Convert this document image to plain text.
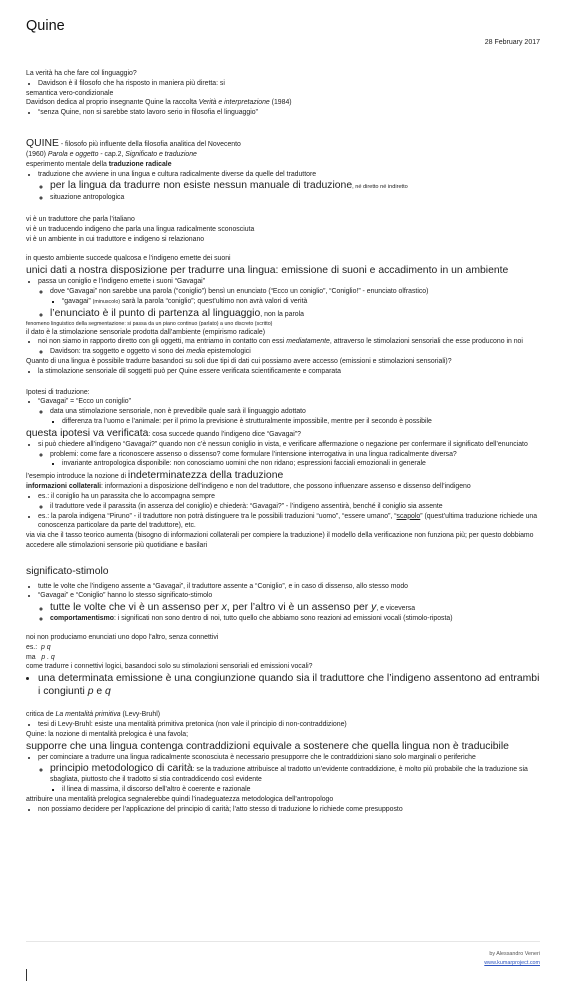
Quine
28 February 2017

La verità ha che fare col linguaggio?

• Davidson è il filosofo che ha risposto in maniera più diretta: si

semantica vero-condizionale

Davidson dedica al proprio insegnante Quine la raccolta Verità e interpretazione (1984)

• “senza Quine, non si sarebbe stato lavoro serio in filosofia el linguaggio”

QUINE - filosofo più influente della filosofia analitica del Novecento

(1960) Parola e oggetto - cap.2, Significato e traduzione

esperimento mentale della traduzione radicale

• traduzione che avviene in una lingua e cultura radicalmente diverse da quelle del traduttore
◦ per la lingua da tradurre non esiste nessun manuale di traduzione, né diretto né indiretto
◦ situazione antropologica

vi è un traduttore che parla l’italiano

vi è un traducendo indigeno che parla una lingua radicalmente sconosciuta

vi è un ambiente in cui traduttore e indigeno si relazionano

in questo ambiente succede qualcosa e l’indigeno emette dei suoni

unici dati a nostra disposizione per tradurre una lingua: emissione di suoni e accadimento in un ambiente

• passa un coniglio e l’indigeno emette i suoni “Gavagai”
◦ dove “Gavagai” non sarebbe una parola (“coniglio”) bensì un enunciato (“Ecco un coniglio”, “Coniglio!” - enunciato olfrastico)
▪ “gavagai” (minuscolo) sarà la parola “coniglio”; quest’ultimo non avrà valori di verità
◦ l’enunciato è il punto di partenza al linguaggio, non la parola

fenomeno linguistico della segmentazione: si passa da un piano continuo (parlato) a uno discreto (scritto)

il dato è la stimolazione sensoriale prodotta dall’ambiente (empirismo radicale)

• noi non siamo in rapporto diretto con gli oggetti, ma entriamo in contatto con essi mediatamente, attraverso le stimolazioni sensoriali che esse producono in noi
◦ Davidson: tra soggetto e oggetto vi sono dei media epistemologici

Quanto di una lingua è possibile tradurre basandoci su soli due tipi di dati cui possiamo avere accesso (emissioni e stimolazioni sensoriali)?

• la stimolazione sensoriale dil soggetti può per Quine essere verificata scientificamente e comparata

Ipotesi di traduzione:

• “Gavagai” = “Ecco un coniglio”
◦ data una stimolazione sensoriale, non è prevedibile quale sarà il linguaggio adottato
▪ differenza tra l’uomo e l’animale: per il primo la previsione è strutturalmente impossibile, mentre per il secondo è possibile

questa ipotesi va verificata: cosa succede quando l’indigeno dice “Gavagai”?

• si può chiedere all’indigeno “Gavagai?” quando non c’è nessun coniglio in vista, e verificare affermazione o negazione per confermare il significato dell’enunciato
◦ problemi: come fare a riconoscere assenso o dissenso? come formulare l’intensione interrogativa in una lingua radicalmente diversa?
▪ invariante antropologica disponibile: non conosciamo uomini che non ridano; espressioni facciali emozionali in generale

l’esempio introduce la nozione di indeterminatezza della traduzione

informazioni collaterali: informazioni a disposizione dell’indigeno e non del traduttore, che possono influenzare assenso e dissenso dell’indigeno

• es.: il coniglio ha un parassita che lo accompagna sempre
◦ il traduttore vede il parassita (in assenza del coniglio) e chiederà: “Gavagai?” - l’indigeno assentirà, benché il coniglio sia assente
• es.: la parola indigena “Piruno” - il traduttore non potrà distinguere tra le possibili traduzioni “uomo”, “essere umano”, “scapolo” (quest’ultima traduzione richiede una conoscenza particolare da parte del traduttore), etc.

via via che il tasso teorico aumenta (bisogno di informazioni collaterali per compiere la traduzione) il modello della verificazione non funziona più; per questo dobbiamo accedere alle stimolazioni sensorie più quotidiane e basilari

significato-stimolo

• tutte le volte che l’indigeno assente a “Gavagai”, il traduttore assente a “Coniglio”, e in caso di dissenso, allo stesso modo
• “Gavagai” e “Coniglio” hanno lo stesso significato-stimolo
◦ tutte le volte che vi è un assenso per x, per l’altro vi è un assenso per y, e viceversa
◦ comportamentismo: i significati non sono dentro di noi, tutto quello che abbiamo sono reazioni ad emissioni vocali (stimolo-riposta)

noi non produciamo enunciati uno dopo l’altro, senza connettivi

es.: p q

ma p . q

come tradurre i connettivi logici, basandoci solo su stimolazioni sensoriali ed emissioni vocali?

• una determinata emissione è una congiunzione quando sia il traduttore che l’indigeno assentono ad entrambi i congiunti p e q

critica de La mentalità primitiva (Levy-Bruhl)

• tesi di Levy-Bruhl: esiste una mentalità primitiva pretonica (non vale il principio di non-contraddizione)

Quine: la nozione di mentalità prelogica è una favola;

supporre che una lingua contenga contraddizioni equivale a sostenere che quella lingua non è traducibile

• per cominciare a tradurre una lingua radicalmente sconosciuta è necessario presupporre che le contraddizioni siano solo marginali o periferiche
◦ principio metodologico di carità: se la traduzione attribuisce al tradotto un’evidente contraddizione, è molto più probabile che la traduzione sia sbagliata, piuttosto che il tradotto si stia contraddicendo così evidente
▪ il linea di massima, il discorso dell’altro è coerente e razionale

attribuire una mentalità prelogica segnalerebbe quindi l’inadeguatezza metodologica dell’antropologo

• non possiamo decidere per l’applicazione del principio di carità; l’atto stesso di traduzione lo richiede come presupposto
by Alessandro Veneri
www.kumarproject.com
